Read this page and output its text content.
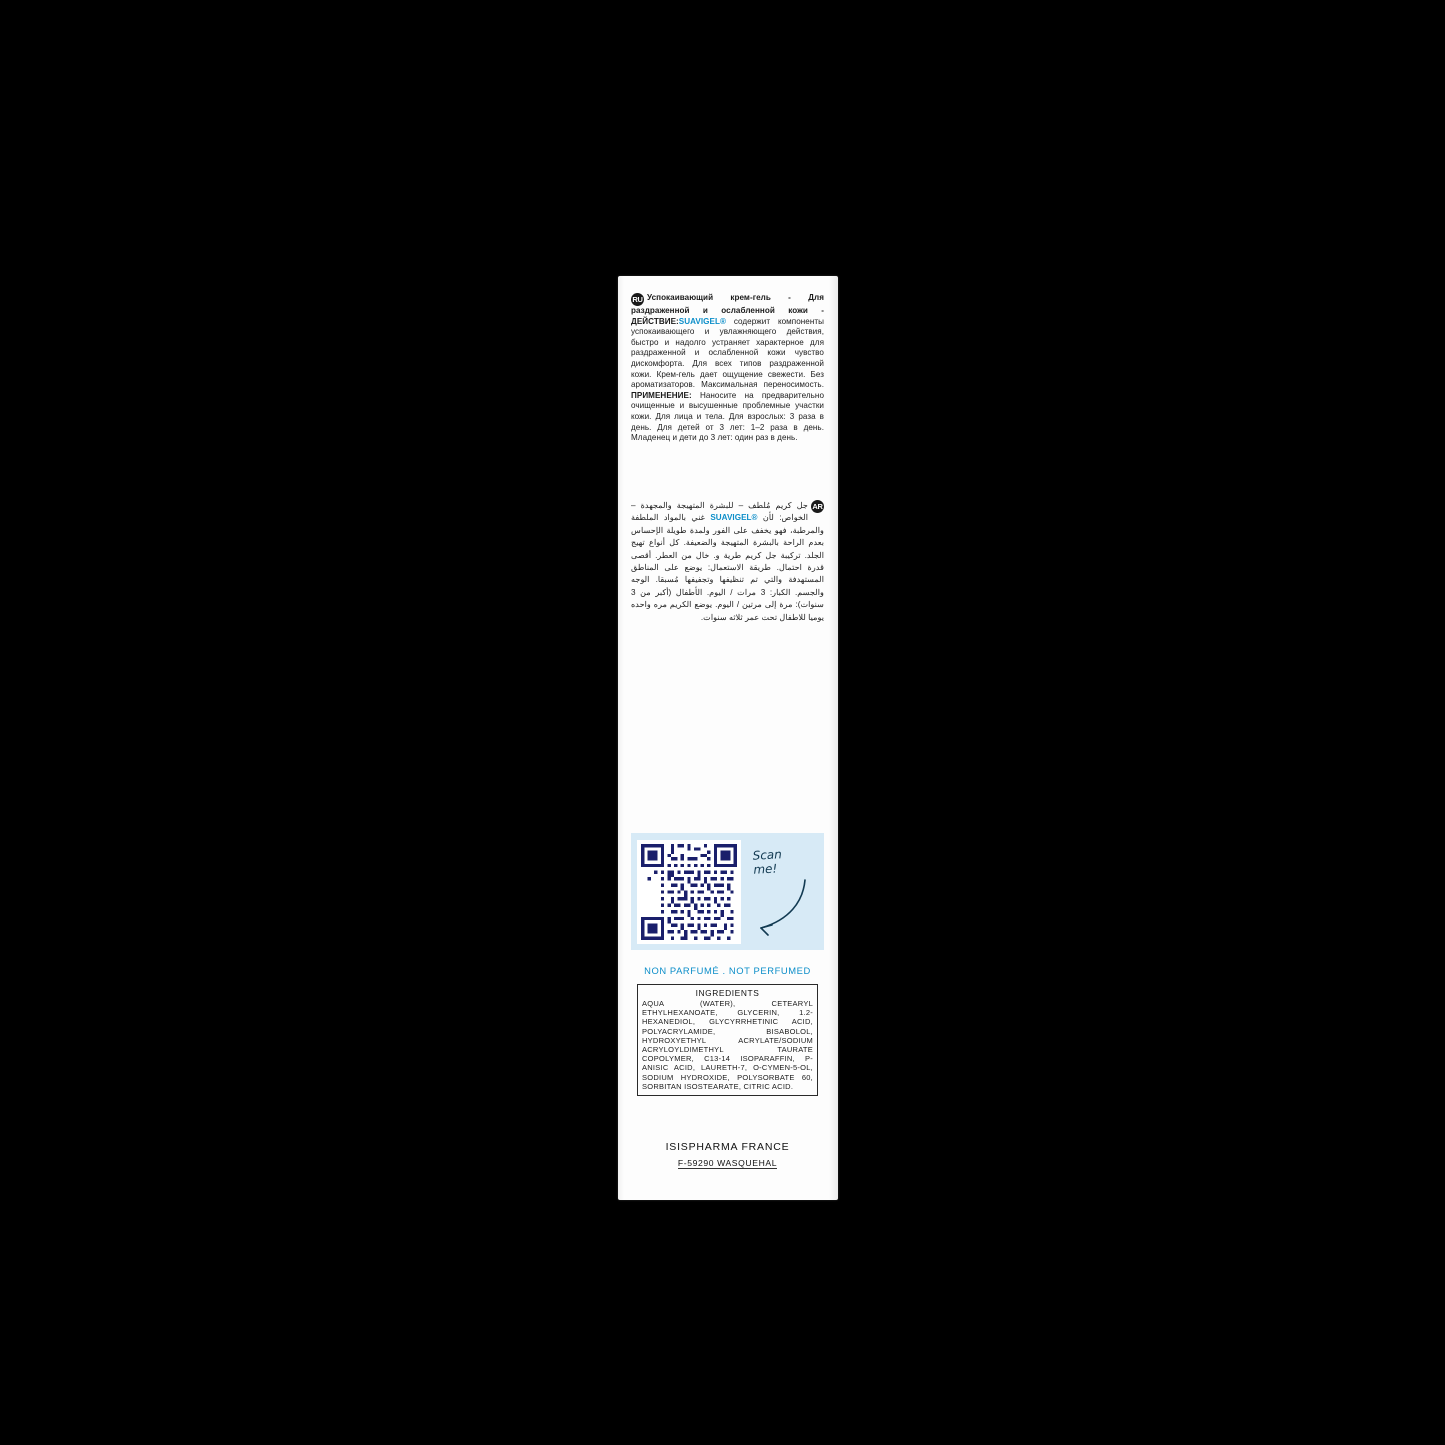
RU Успокаивающий крем-гель - Для раздраженной и ослабленной кожи - ДЕЙСТВИЕ:SUAVIGEL® содержит компоненты успокаивающего и увлажняющего действия, быстро и надолго устраняет характерное для раздраженной и ослабленной кожи чувство дискомфорта. Для всех типов раздраженной кожи. Крем-гель дает ощущение свежести. Без ароматизаторов. Максимальная переносимость. ПРИМЕНЕНИЕ: Наносите на предварительно очищенные и высушенные проблемные участки кожи. Для лица и тела. Для взрослых: 3 раза в день. Для детей от 3 лет: 1–2 раза в день. Младенец и дети до 3 лет: один раз в день.
AR
جل كريم مُلطف – للبشرة المتهيجة والمجهدة – الخواص: لأن SUAVIGEL® غني بالمواد الملطفة والمرطبة، فهو يخفف على الفور ولمدة طويلة الإحساس بعدم الراحة بالبشرة المتهيجة والضعيفة. كل أنواع تهيج الجلد. تركيبة جل كريم طرية و. خال من العطر. أقصى قدرة احتمال. طريقة الاستعمال: يوضع على المناطق المستهدفة والتي تم تنظيفها وتجفيفها مُسبقا. الوجه والجسم. الكبار: 3 مرات / اليوم. الأطفال (أكبر من 3 سنوات): مرة إلى مرتين / اليوم. يوضع الكريم مره واحده يوميا للاطفال تحت عمر ثلاثه سنوات.
Scan
me!
NON PARFUMÉ . NOT PERFUMED
INGREDIENTS
AQUA (WATER), CETEARYL ETHYLHEXANOATE, GLYCERIN, 1.2-HEXANEDIOL, GLYCYRRHETINIC ACID, POLYACRYLAMIDE, BISABOLOL, HYDROXYETHYL ACRYLATE/SODIUM ACRYLOYLDIMETHYL TAURATE COPOLYMER, C13-14 ISOPARAFFIN, P-ANISIC ACID, LAURETH-7, O-CYMEN-5-OL, SODIUM HYDROXIDE, POLYSORBATE 60, SORBITAN ISOSTEARATE, CITRIC ACID.
ISISPHARMA FRANCE
F-59290 WASQUEHAL
